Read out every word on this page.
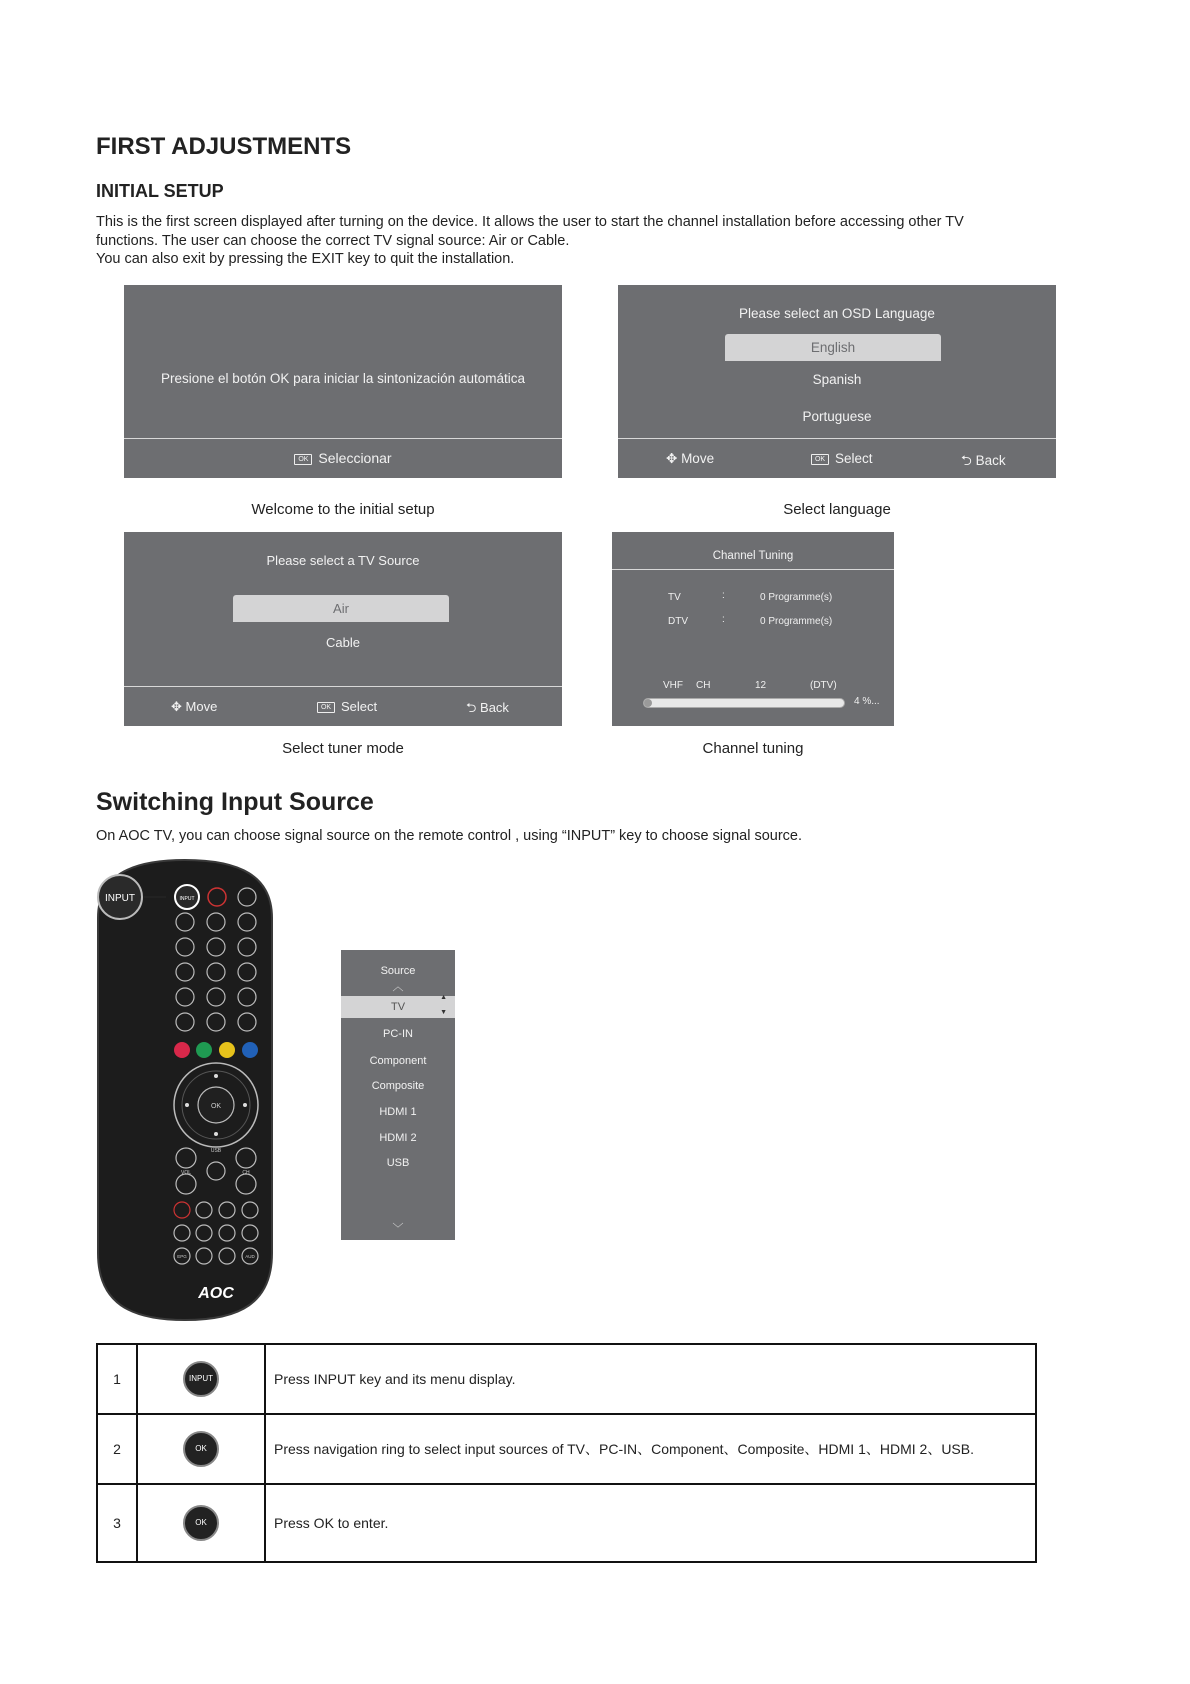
FIRST ADJUSTMENTS
INITIAL SETUP
This is the first screen displayed after turning on the device. It allows the user to start the channel installation before accessing other TV
functions. The user can choose the correct TV signal source: Air or Cable.
You can also exit by pressing the EXIT key to quit the installation.
Presione el botón OK para iniciar la sintonización automática
OK Seleccionar
Welcome to the initial setup
Please select an OSD Language
English
Spanish
Portuguese
✥ Move	OK Select	⮌ Back
Select language
Please select a TV Source
Air
Cable
✥ Move	OK Select	⮌ Back
Select tuner mode
Channel Tuning
TV	:	0 Programme(s)
DTV	:	0 Programme(s)
VHF CH	12	(DTV)
4 %...
Channel tuning
Switching Input Source
On AOC TV, you can choose signal source on the remote control , using “INPUT” key to choose signal source.
INPUT	INPUT
OK
VOL	CH
USB
EPG	AUD
AOC
Source
︿
TV
▲
▼
PC-IN
Component
Composite
HDMI 1
HDMI 2
USB
﹀
1	INPUT	Press INPUT key and its menu display.
2	OK	Press navigation ring to select input sources of TV、PC-IN、Component、Composite、HDMI 1、HDMI 2、USB.
3	OK	Press OK to enter.
